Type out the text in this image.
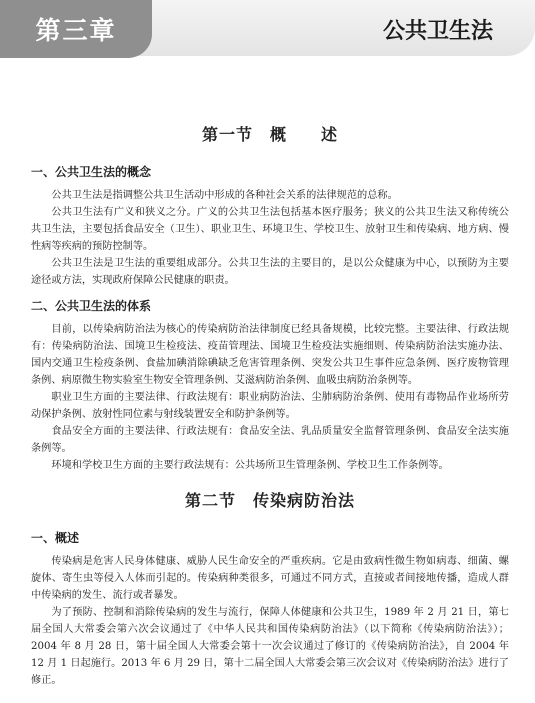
第三章	公共卫生法
第一节　概　　述
一、公共卫生法的概念

公共卫生法是指调整公共卫生活动中形成的各种社会关系的法律规范的总称。

公共卫生法有广义和狭义之分。广义的公共卫生法包括基本医疗服务；狭义的公共卫生法又称传统公共卫生法，主要包括食品安全（卫生）、职业卫生、环境卫生、学校卫生、放射卫生和传染病、地方病、慢性病等疾病的预防控制等。

公共卫生法是卫生法的重要组成部分。公共卫生法的主要目的，是以公众健康为中心，以预防为主要途径或方法，实现政府保障公民健康的职责。

二、公共卫生法的体系

目前，以传染病防治法为核心的传染病防治法律制度已经具备规模，比较完整。主要法律、行政法规有：传染病防治法、国境卫生检疫法、疫苗管理法、国境卫生检疫法实施细则、传染病防治法实施办法、国内交通卫生检疫条例、食盐加碘消除碘缺乏危害管理条例、突发公共卫生事件应急条例、医疗废物管理条例、病原微生物实验室生物安全管理条例、艾滋病防治条例、血吸虫病防治条例等。

职业卫生方面的主要法律、行政法规有：职业病防治法、尘肺病防治条例、使用有毒物品作业场所劳动保护条例、放射性同位素与射线装置安全和防护条例等。

食品安全方面的主要法律、行政法规有：食品安全法、乳品质量安全监督管理条例、食品安全法实施条例等。

环境和学校卫生方面的主要行政法规有：公共场所卫生管理条例、学校卫生工作条例等。

第二节　传染病防治法
一、概述

传染病是危害人民身体健康、威胁人民生命安全的严重疾病。它是由致病性微生物如病毒、细菌、螺旋体、寄生虫等侵入人体而引起的。传染病种类很多，可通过不同方式，直接或者间接地传播，造成人群中传染病的发生、流行或者暴发。

为了预防、控制和消除传染病的发生与流行，保障人体健康和公共卫生，1989 年 2 月 21 日，第七届全国人大常委会第六次会议通过了《中华人民共和国传染病防治法》（以下简称《传染病防治法》）；2004 年 8 月 28 日，第十届全国人大常委会第十一次会议通过了修订的《传染病防治法》，自 2004 年 12 月 1 日起施行。2013 年 6 月 29 日，第十二届全国人大常委会第三次会议对《传染病防治法》进行了修正。
